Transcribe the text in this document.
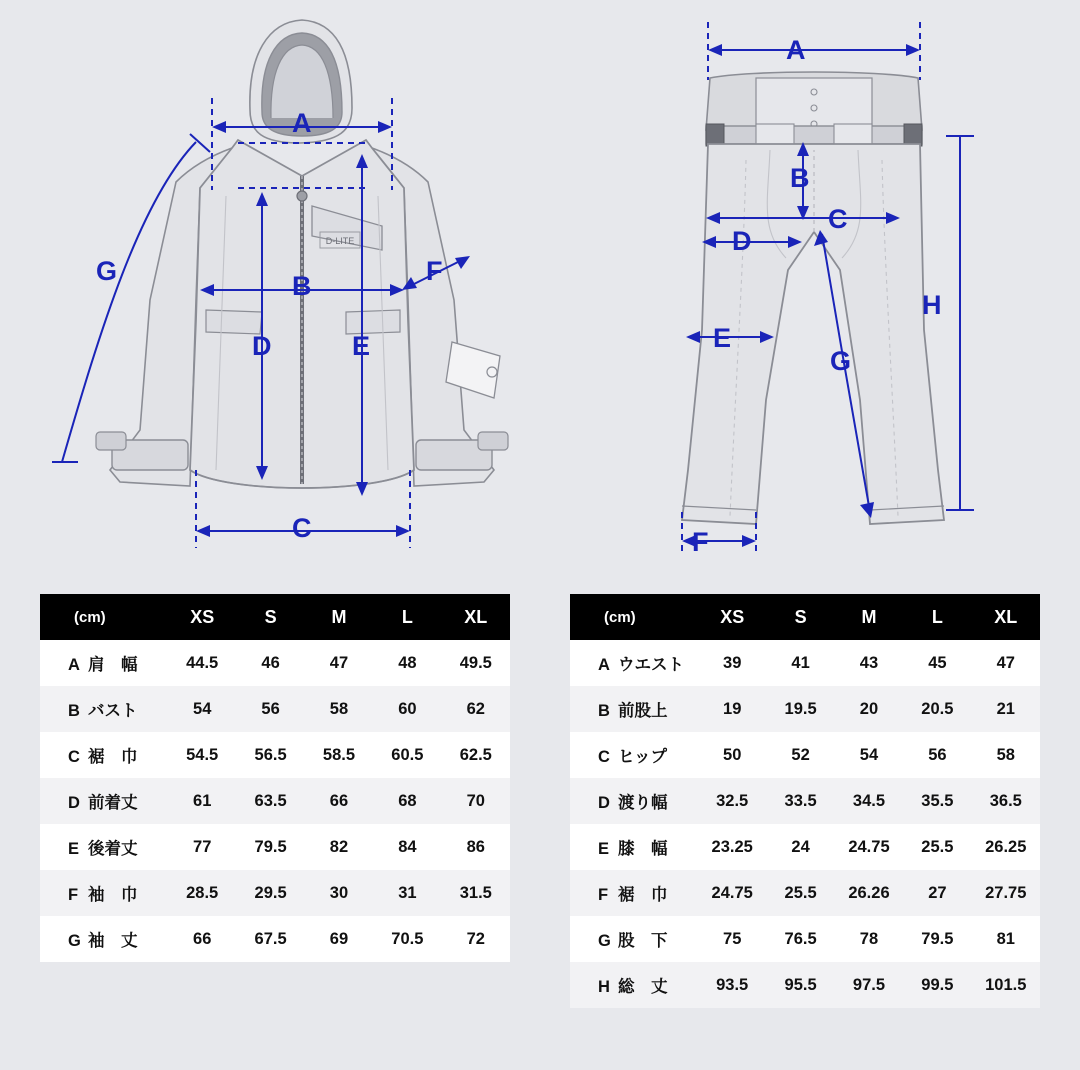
D-LITE
A
B
C
D	E
F
G
A
B
C
D
E
F
G
H
(cm)	XS	S	M	L	XL
A 肩　幅	44.5	46	47	48	49.5
B バスト	54	56	58	60	62
C 裾　巾	54.5	56.5	58.5	60.5	62.5
D 前着丈	61	63.5	66	68	70
E 後着丈	77	79.5	82	84	86
F 袖　巾	28.5	29.5	30	31	31.5
G 袖　丈	66	67.5	69	70.5	72
(cm)	XS	S	M	L	XL
A ウエスト	39	41	43	45	47
B 前股上	19	19.5	20	20.5	21
C ヒップ	50	52	54	56	58
D 渡り幅	32.5	33.5	34.5	35.5	36.5
E 膝　幅	23.25	24	24.75	25.5	26.25
F 裾　巾	24.75	25.5	26.26	27	27.75
G 股　下	75	76.5	78	79.5	81
H 総　丈	93.5	95.5	97.5	99.5	101.5
